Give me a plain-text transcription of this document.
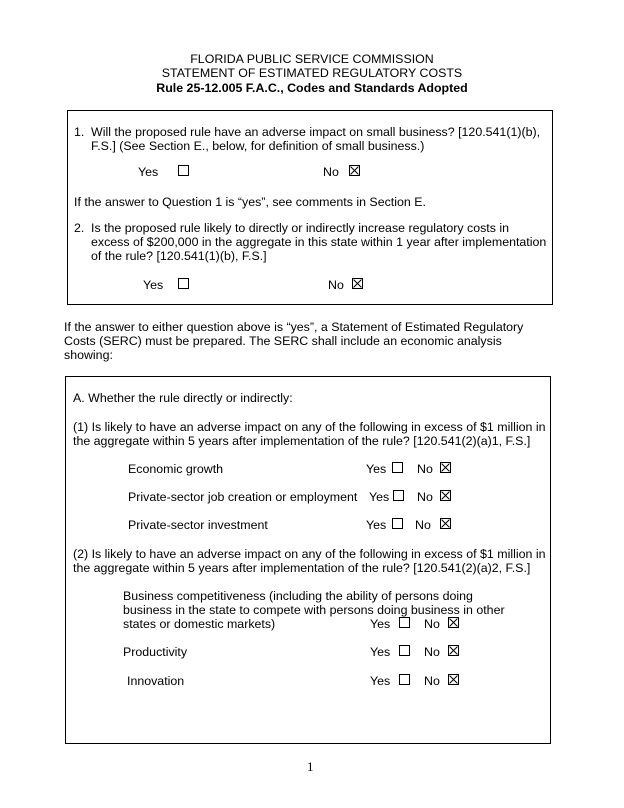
FLORIDA PUBLIC SERVICE COMMISSION
STATEMENT OF ESTIMATED REGULATORY COSTS
Rule 25-12.005 F.A.C., Codes and Standards Adopted
1. Will the proposed rule have an adverse impact on small business? [120.541(1)(b),
F.S.] (See Section E., below, for definition of small business.)
Yes	No
If the answer to Question 1 is “yes”, see comments in Section E.
2. Is the proposed rule likely to directly or indirectly increase regulatory costs in
excess of $200,000 in the aggregate in this state within 1 year after implementation
of the rule? [120.541(1)(b), F.S.]
Yes	No
If the answer to either question above is “yes”, a Statement of Estimated Regulatory
Costs (SERC) must be prepared. The SERC shall include an economic analysis
showing:
A. Whether the rule directly or indirectly:
(1) Is likely to have an adverse impact on any of the following in excess of $1 million in
the aggregate within 5 years after implementation of the rule? [120.541(2)(a)1, F.S.]
Economic growth	Yes No
Private-sector job creation or employment Yes No
Private-sector investment	Yes No
(2) Is likely to have an adverse impact on any of the following in excess of $1 million in
the aggregate within 5 years after implementation of the rule? [120.541(2)(a)2, F.S.]
Business competitiveness (including the ability of persons doing
business in the state to compete with persons doing business in other
states or domestic markets)	Yes	No
Productivity	Yes	No
Innovation	Yes	No
1
